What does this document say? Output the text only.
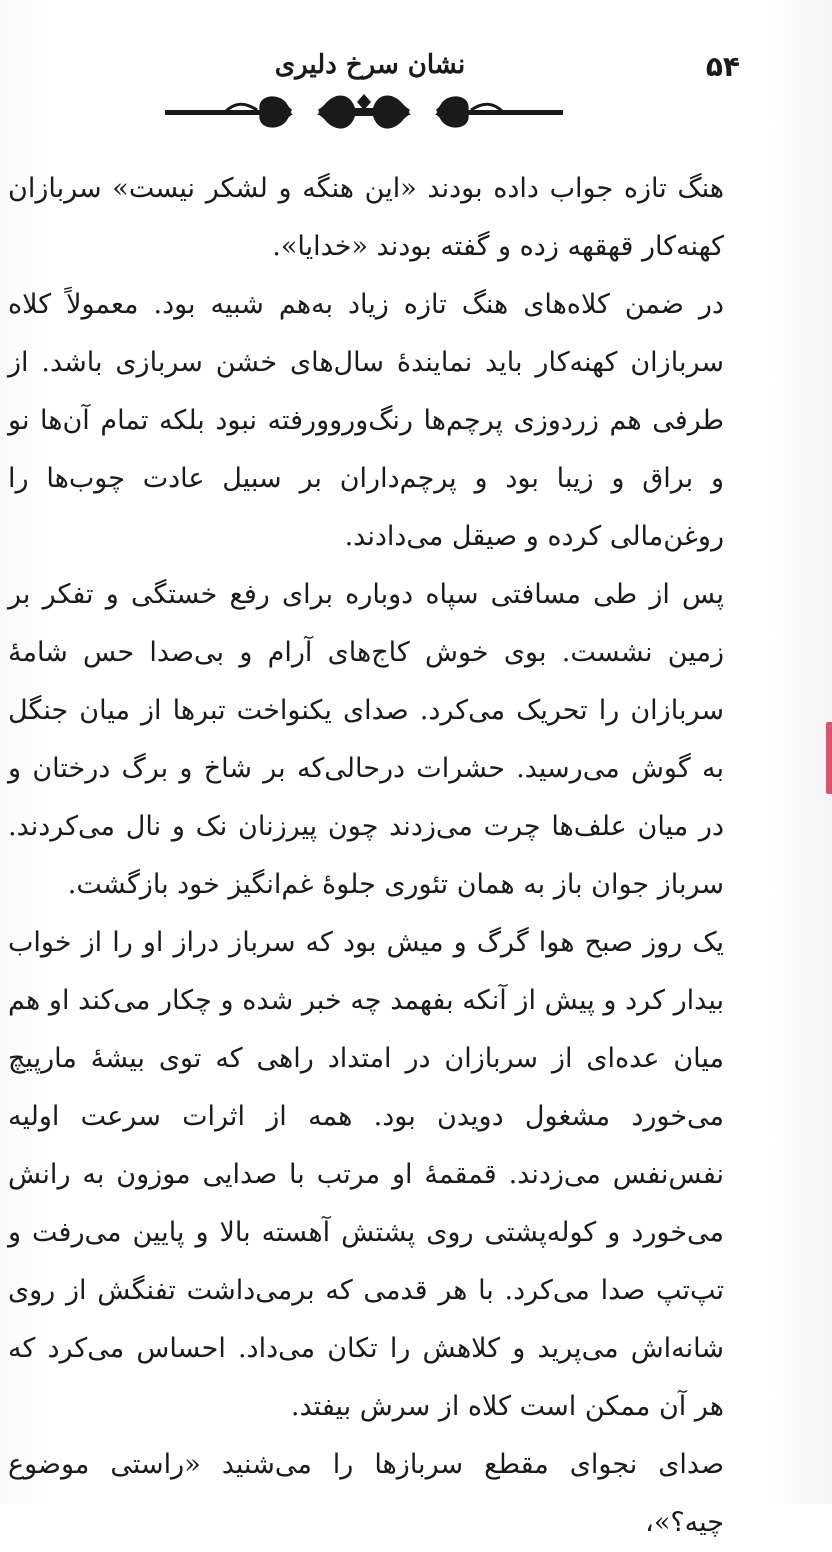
نشان سرخ دلیری	۵۴

هنگ تازه جواب داده بودند «این هنگه و لشکر نیست» سربازان کهنه‌کار قهقهه زده و گفته بودند «خدایا».

در ضمن کلاه‌های هنگ تازه زیاد به‌هم شبیه بود. معمولاً کلاه سربازان کهنه‌کار باید نمایندهٔ سال‌های خشن سربازی باشد. از طرفی هم زردوزی پرچم‌ها رنگ‌وروورفته نبود بلکه تمام آن‌ها نو و براق و زیبا بود و پرچم‌داران بر سبیل عادت چوب‌ها را روغن‌مالی کرده و صیقل می‌دادند.

پس از طی مسافتی سپاه دوباره برای رفع خستگی و تفکر بر زمین نشست. بوی خوش کاج‌های آرام و بی‌صدا حس شامهٔ سربازان را تحریک می‌کرد. صدای یکنواخت تبرها از میان جنگل به گوش می‌رسید. حشرات درحالی‌که بر شاخ و برگ درختان و در میان علف‌ها چرت می‌زدند چون پیرزنان نک و نال می‌کردند. سرباز جوان باز به همان تئوری جلوهٔ غم‌انگیز خود بازگشت.

یک روز صبح هوا گرگ و میش بود که سرباز دراز او را از خواب بیدار کرد و پیش از آنکه بفهمد چه خبر شده و چکار می‌کند او هم میان عده‌ای از سربازان در امتداد راهی که توی بیشهٔ مارپیچ می‌خورد مشغول دویدن بود. همه از اثرات سرعت اولیه نفس‌نفس می‌زدند. قمقمهٔ او مرتب با صدایی موزون به رانش می‌خورد و کوله‌پشتی روی پشتش آهسته بالا و پایین می‌رفت و تپ‌تپ صدا می‌کرد. با هر قدمی که برمی‌داشت تفنگش از روی شانه‌اش می‌پرید و کلاهش را تکان می‌داد. احساس می‌کرد که هر آن ممکن است کلاه از سرش بیفتد.

صدای نجوای مقطع سربازها را می‌شنید «راستی موضوع چیه؟»،
